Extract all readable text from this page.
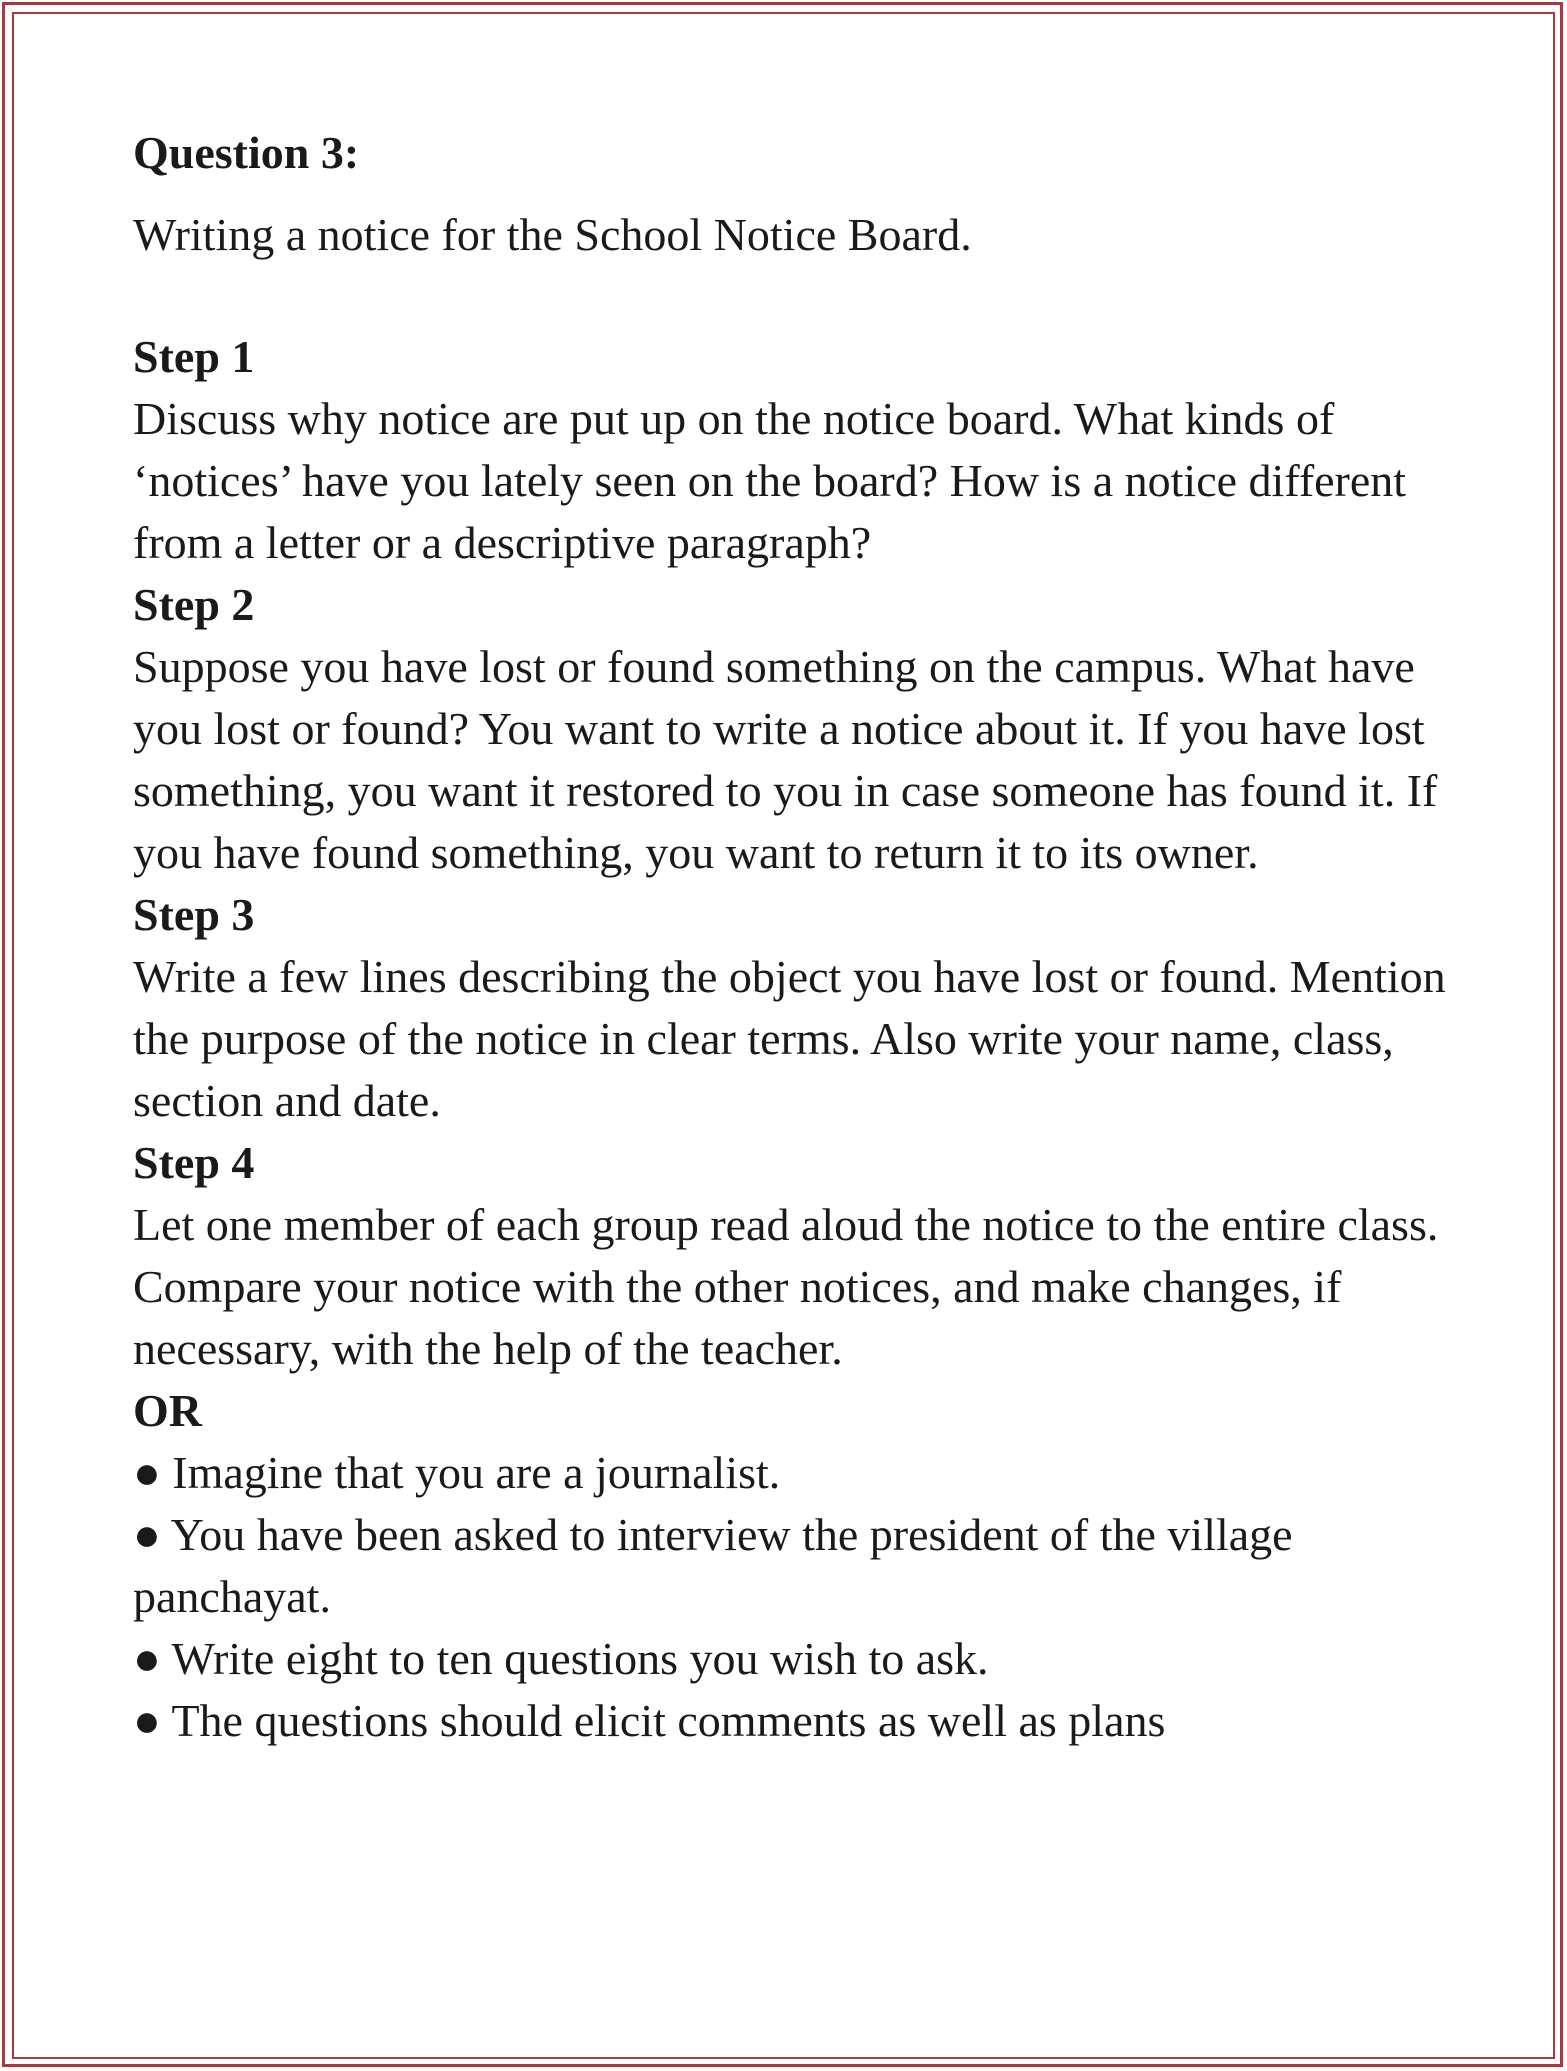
Question 3:

Writing a notice for the School Notice Board.

Step 1

Discuss why notice are put up on the notice board. What kinds of ‘notices’ have you lately seen on the board? How is a notice different from a letter or a descriptive paragraph?

Step 2

Suppose you have lost or found something on the campus. What have you lost or found? You want to write a notice about it. If you have lost something, you want it restored to you in case someone has found it. If you have found something, you want to return it to its owner.

Step 3

Write a few lines describing the object you have lost or found. Mention the purpose of the notice in clear terms. Also write your name, class, section and date.

Step 4

Let one member of each group read aloud the notice to the entire class. Compare your notice with the other notices, and make changes, if necessary, with the help of the teacher.

OR

● Imagine that you are a journalist.

● You have been asked to interview the president of the village panchayat.

● Write eight to ten questions you wish to ask.

● The questions should elicit comments as well as plans
